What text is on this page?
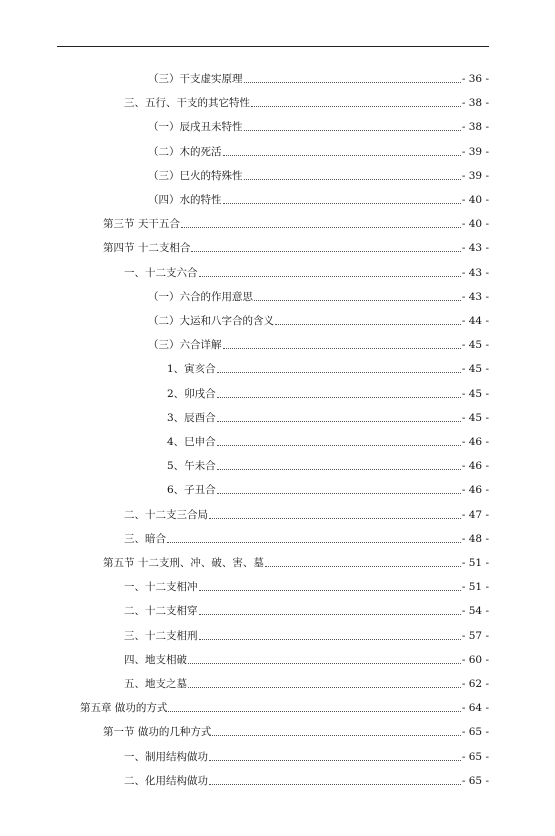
（三）干支虚实原理	- 36 -
三、五行、干支的其它特性	- 38 -
（一）辰戌丑未特性	- 38 -
（二）木的死活	- 39 -
（三）巳火的特殊性	- 39 -
（四）水的特性	- 40 -
第三节 天干五合	- 40 -
第四节 十二支相合	- 43 -
一、十二支六合	- 43 -
（一）六合的作用意思	- 43 -
（二）大运和八字合的含义	- 44 -
（三）六合详解	- 45 -
1、寅亥合	- 45 -
2、卯戌合	- 45 -
3、辰酉合	- 45 -
4、巳申合	- 46 -
5、午未合	- 46 -
6、子丑合	- 46 -
二、十二支三合局	- 47 -
三、暗合	- 48 -
第五节 十二支刑、冲、破、害、墓	- 51 -
一、十二支相冲	- 51 -
二、十二支相穿	- 54 -
三、十二支相刑	- 57 -
四、地支相破	- 60 -
五、地支之墓	- 62 -
第五章 做功的方式	- 64 -
第一节 做功的几种方式	- 65 -
一、制用结构做功	- 65 -
二、化用结构做功	- 65 -
